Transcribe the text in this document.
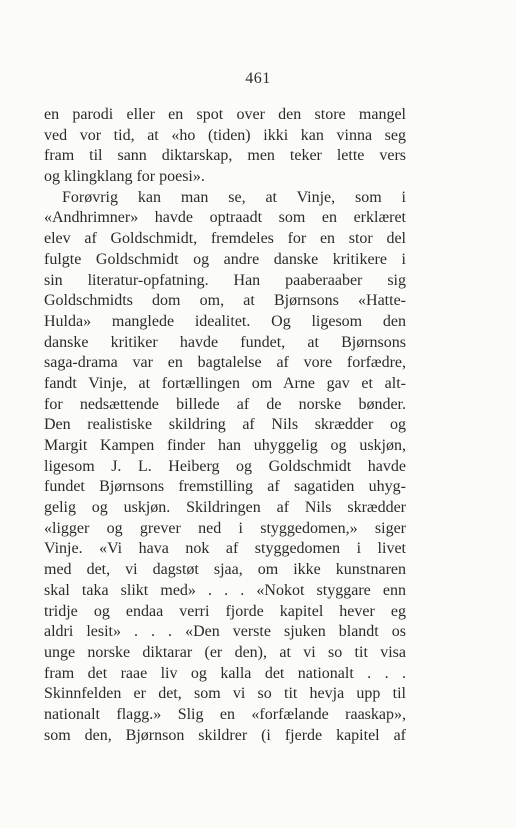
461
en parodi eller en spot over den store mangel
ved vor tid, at «ho (tiden) ikki kan vinna seg
fram til sann diktarskap, men teker lette vers
og klingklang for poesi».
Forøvrig kan man se, at Vinje, som i
«Andhrimner» havde optraadt som en erklæret
elev af Goldschmidt, fremdeles for en stor del
fulgte Goldschmidt og andre danske kritikere i
sin literatur-opfatning. Han paaberaaber sig
Goldschmidts dom om, at Bjørnsons «Hatte-
Hulda» manglede idealitet. Og ligesom den
danske kritiker havde fundet, at Bjørnsons
saga-drama var en bagtalelse af vore forfædre,
fandt Vinje, at fortællingen om Arne gav et alt-
for nedsættende billede af de norske bønder.
Den realistiske skildring af Nils skrædder og
Margit Kampen finder han uhyggelig og uskjøn,
ligesom J. L. Heiberg og Goldschmidt havde
fundet Bjørnsons fremstilling af sagatiden uhyg-
gelig og uskjøn. Skildringen af Nils skrædder
«ligger og grever ned i styggedomen,» siger
Vinje. «Vi hava nok af styggedomen i livet
med det, vi dagstøt sjaa, om ikke kunstnaren
skal taka slikt med» . . . «Nokot styggare enn
tridje og endaa verri fjorde kapitel hever eg
aldri lesit» . . . «Den verste sjuken blandt os
unge norske diktarar (er den), at vi so tit visa
fram det raae liv og kalla det nationalt . . .
Skinnfelden er det, som vi so tit hevja upp til
nationalt flagg.» Slig en «forfælande raaskap»,
som den, Bjørnson skildrer (i fjerde kapitel af
